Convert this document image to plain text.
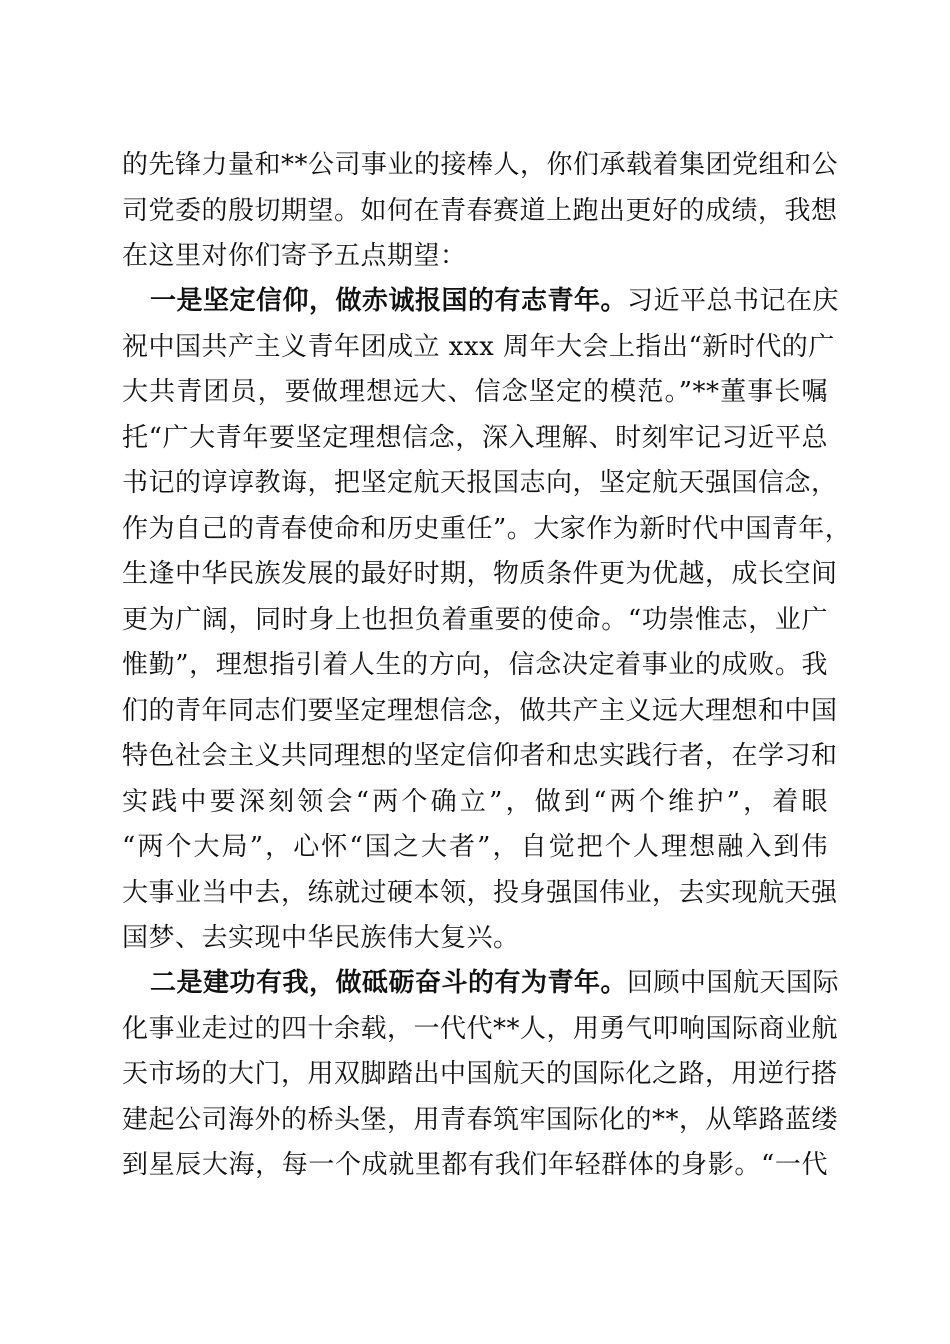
的先锋力量和**公司事业的接棒人，你们承载着集团党组和公
司党委的殷切期望。如何在青春赛道上跑出更好的成绩，我想
在这里对你们寄予五点期望：
一是坚定信仰，做赤诚报国的有志青年。习近平总书记在庆
祝中国共产主义青年团成立 xxx 周年大会上指出“新时代的广
大共青团员，要做理想远大、信念坚定的模范。”**董事长嘱
托“广大青年要坚定理想信念，深入理解、时刻牢记习近平总
书记的谆谆教诲，把坚定航天报国志向，坚定航天强国信念，
作为自己的青春使命和历史重任”。大家作为新时代中国青年，
生逢中华民族发展的最好时期，物质条件更为优越，成长空间
更为广阔，同时身上也担负着重要的使命。“功崇惟志，业广
惟勤”，理想指引着人生的方向，信念决定着事业的成败。我
们的青年同志们要坚定理想信念，做共产主义远大理想和中国
特色社会主义共同理想的坚定信仰者和忠实践行者，在学习和
实践中要深刻领会“两个确立”，做到“两个维护”，着眼
“两个大局”，心怀“国之大者”，自觉把个人理想融入到伟
大事业当中去，练就过硬本领，投身强国伟业，去实现航天强
国梦、去实现中华民族伟大复兴。
二是建功有我，做砥砺奋斗的有为青年。回顾中国航天国际
化事业走过的四十余载，一代代**人，用勇气叩响国际商业航
天市场的大门，用双脚踏出中国航天的国际化之路，用逆行搭
建起公司海外的桥头堡，用青春筑牢国际化的**，从筚路蓝缕
到星辰大海，每一个成就里都有我们年轻群体的身影。“一代
